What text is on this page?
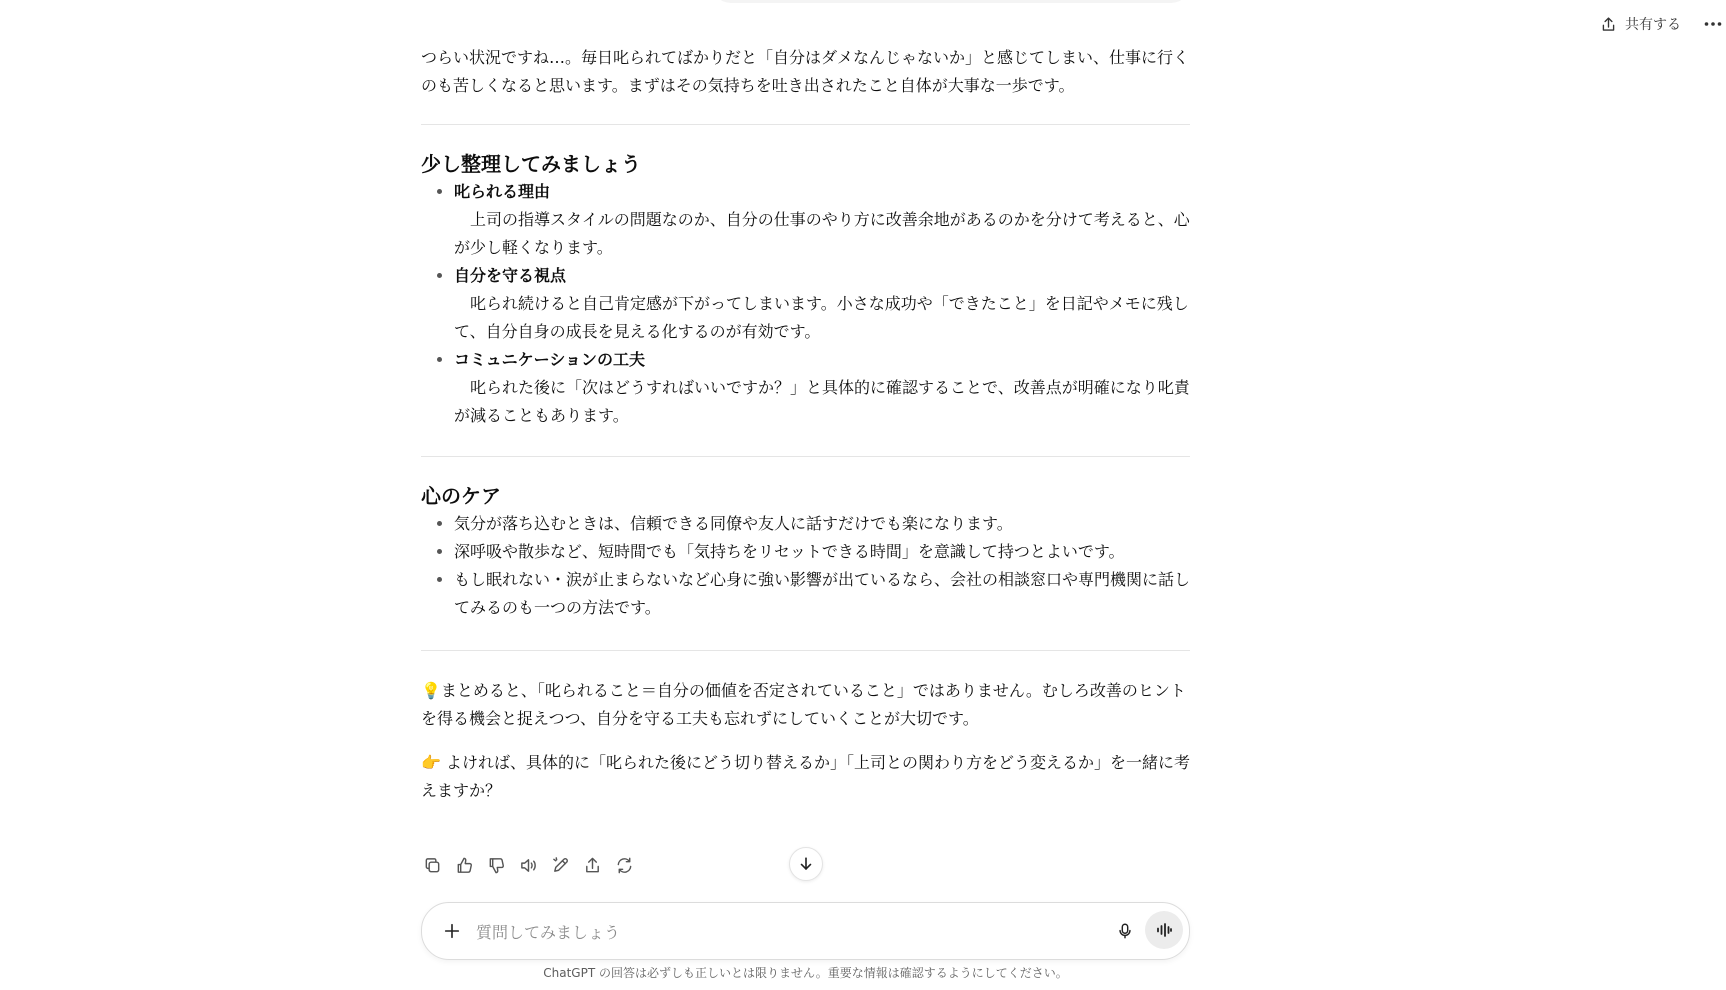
共有する

つらい状況ですね…。毎日叱られてばかりだと「自分はダメなんじゃないか」と感じてしまい、仕事に行くのも苦しくなると思います。まずはその気持ちを吐き出されたこと自体が大事な一歩です。

少し整理してみましょう
• 叱られる理由
　上司の指導スタイルの問題なのか、自分の仕事のやり方に改善余地があるのかを分けて考えると、心が少し軽くなります。
• 自分を守る視点
　叱られ続けると自己肯定感が下がってしまいます。小さな成功や「できたこと」を日記やメモに残して、自分自身の成長を見える化するのが有効です。
• コミュニケーションの工夫
　叱られた後に「次はどうすればいいですか？」と具体的に確認することで、改善点が明確になり叱責が減ることもあります。
心のケア
• 気分が落ち込むときは、信頼できる同僚や友人に話すだけでも楽になります。
• 深呼吸や散歩など、短時間でも「気持ちをリセットできる時間」を意識して持つとよいです。
• もし眠れない・涙が止まらないなど心身に強い影響が出ているなら、会社の相談窓口や専門機関に話してみるのも一つの方法です。

💡まとめると、「叱られること＝自分の価値を否定されていること」ではありません。むしろ改善のヒントを得る機会と捉えつつ、自分を守る工夫も忘れずにしていくことが大切です。

👉 よければ、具体的に「叱られた後にどう切り替えるか」「上司との関わり方をどう変えるか」を一緒に考えますか？

質問してみましょう
ChatGPT の回答は必ずしも正しいとは限りません。重要な情報は確認するようにしてください。
